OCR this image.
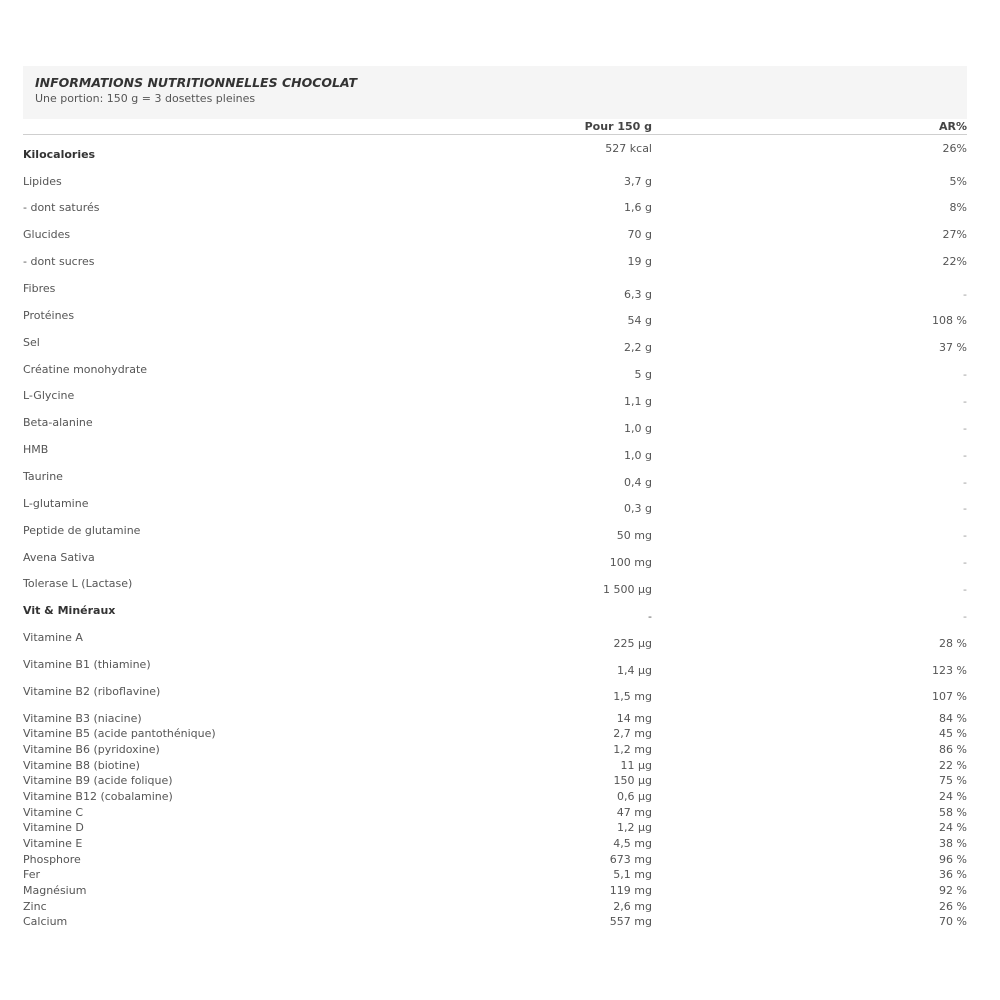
INFORMATIONS NUTRITIONNELLES CHOCOLAT
Une portion: 150 g = 3 dosettes pleines
Pour 150 g	AR%
Kilocalories	527 kcal	26%
Lipides	3,7 g	5%
- dont saturés	1,6 g	8%
Glucides	70 g	27%
- dont sucres	19 g	22%
Fibres	6,3 g	-
Protéines	54 g	108 %
Sel	2,2 g	37 %
Créatine monohydrate	5 g	-
L-Glycine	1,1 g	-
Beta-alanine	1,0 g	-
HMB	1,0 g	-
Taurine	0,4 g	-
L-glutamine	0,3 g	-
Peptide de glutamine	50 mg	-
Avena Sativa	100 mg	-
Tolerase L (Lactase)	1 500 µg	-
Vit & Minéraux	-	-
Vitamine A	225 µg	28 %
Vitamine B1 (thiamine)	1,4 µg	123 %
Vitamine B2 (riboflavine)	1,5 mg	107 %
Vitamine B3 (niacine)	14 mg	84 %
Vitamine B5 (acide pantothénique)	2,7 mg	45 %
Vitamine B6 (pyridoxine)	1,2 mg	86 %
Vitamine B8 (biotine)	11 µg	22 %
Vitamine B9 (acide folique)	150 µg	75 %
Vitamine B12 (cobalamine)	0,6 µg	24 %
Vitamine C	47 mg	58 %
Vitamine D	1,2 µg	24 %
Vitamine E	4,5 mg	38 %
Phosphore	673 mg	96 %
Fer	5,1 mg	36 %
Magnésium	119 mg	92 %
Zinc	2,6 mg	26 %
Calcium	557 mg	70 %
